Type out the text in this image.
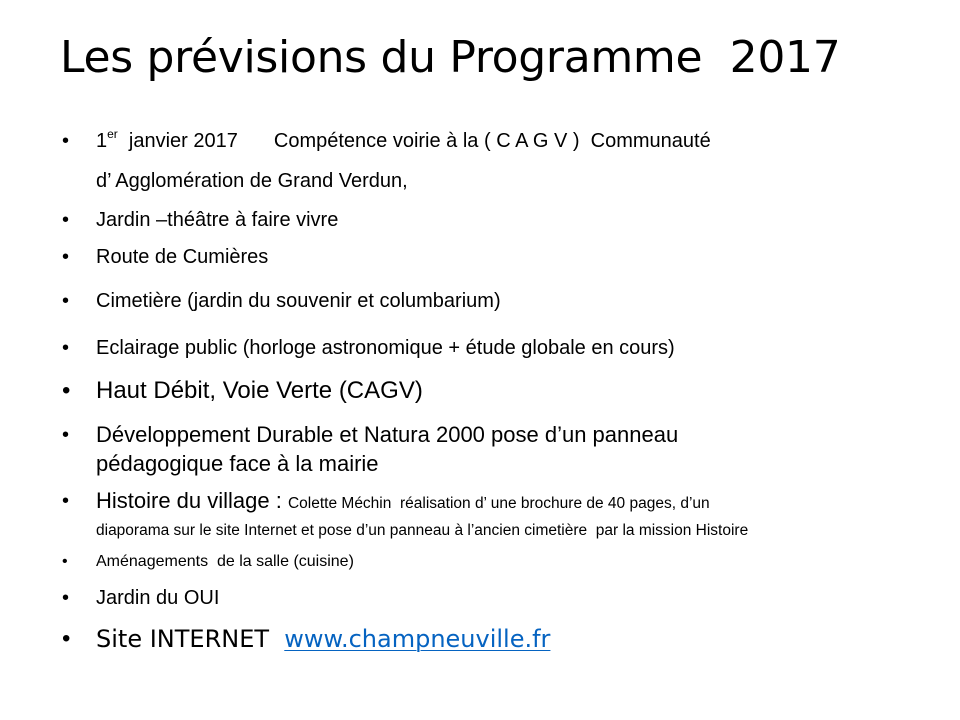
Les prévisions du Programme  2017
•	1er  janvier 2017 Compétence voirie à la ( C A G V )  Communauté
d’ Agglomération de Grand Verdun,
•	Jardin –théâtre à faire vivre
•	Route de Cumières
•	Cimetière (jardin du souvenir et columbarium)
•	Eclairage public (horloge astronomique + étude globale en cours)
• Haut Débit, Voie Verte (CAGV)
•	Développement Durable et Natura 2000 pose d’un panneau
pédagogique face à la mairie
•	Histoire du village : Colette Méchin  réalisation d’ une brochure de 40 pages, d’un
diaporama sur le site Internet et pose d’un panneau à l’ancien cimetière  par la mission Histoire
•	Aménagements  de la salle (cuisine)
•	Jardin du OUI
• Site INTERNET  www.champneuville.fr
